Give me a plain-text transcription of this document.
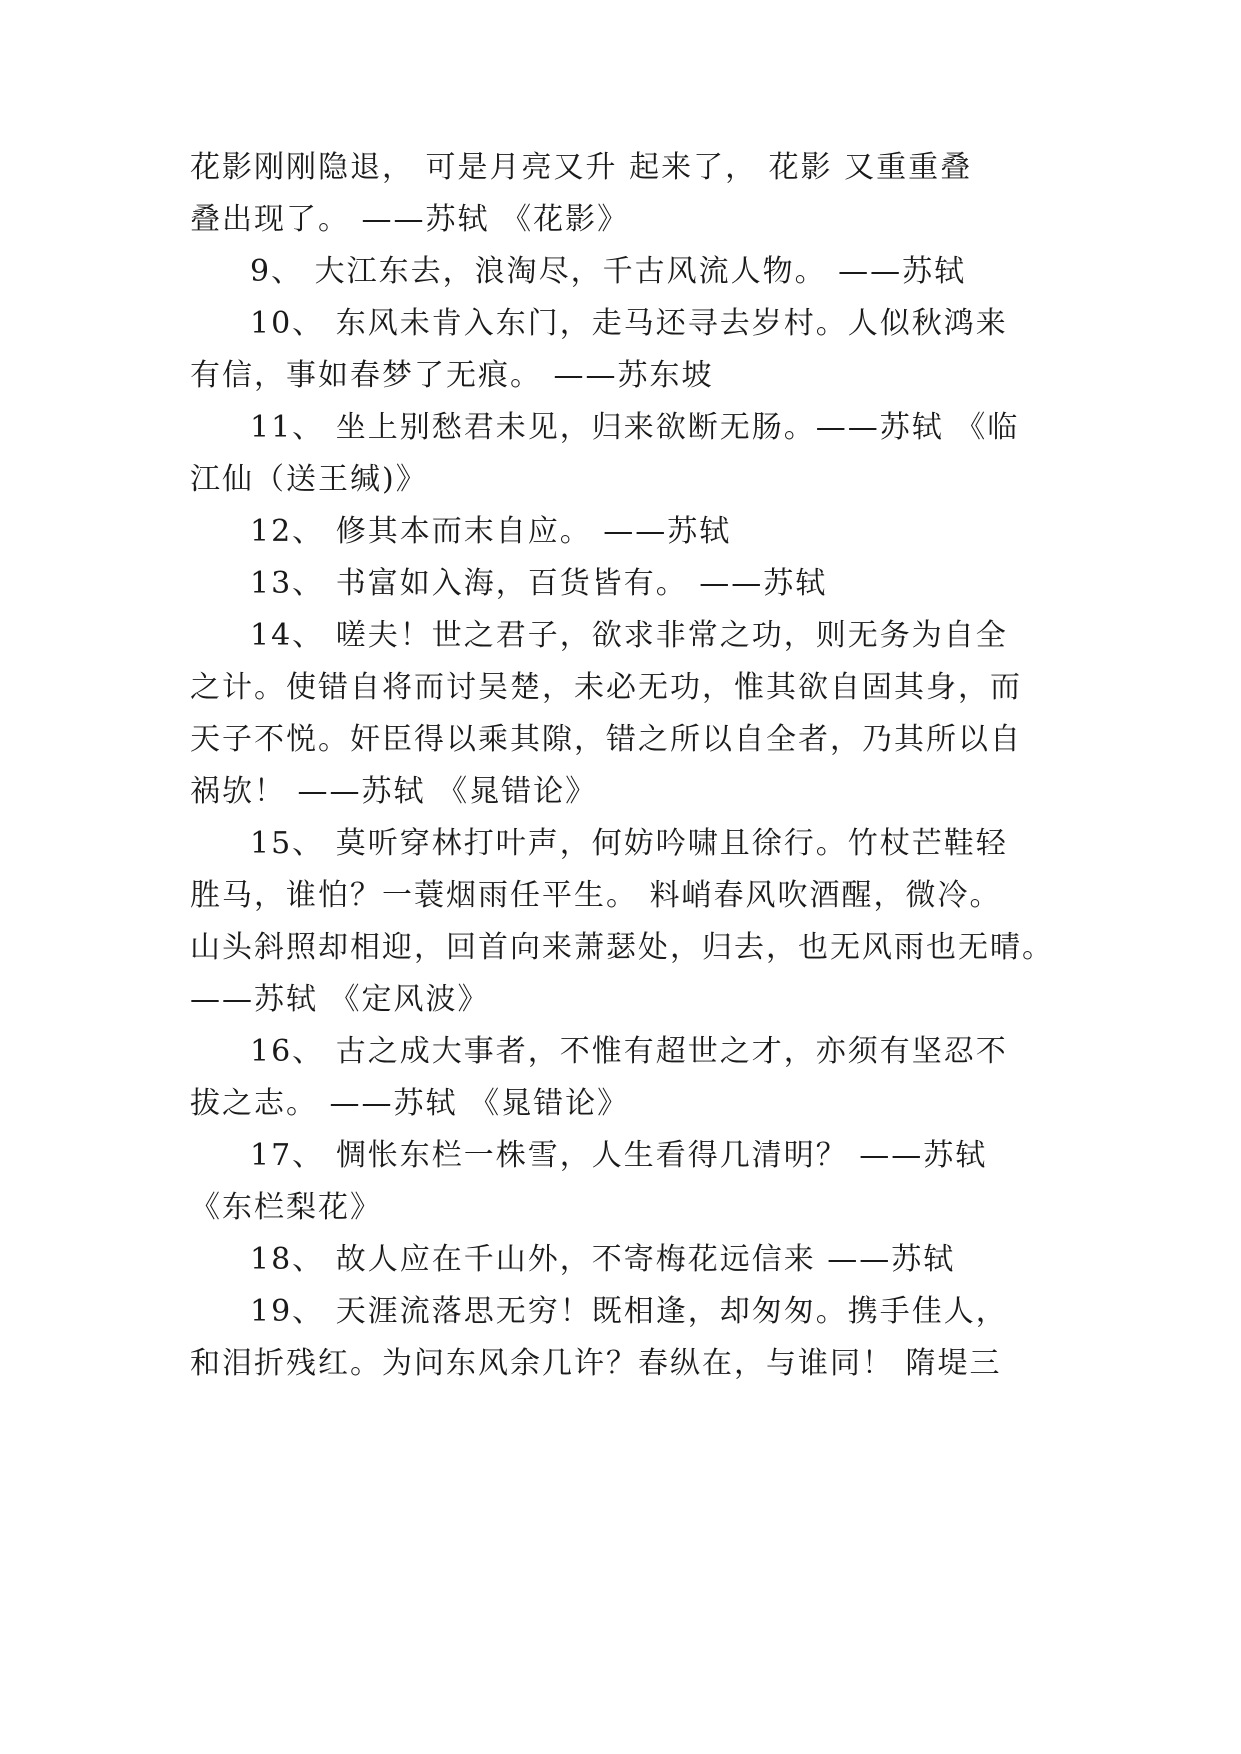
花影刚刚隐退， 可是月亮又升 起来了， 花影 又重重叠
叠出现了。 ——苏轼 《花影》
9、 大江东去，浪淘尽，千古风流人物。 ——苏轼
10、 东风未肯入东门，走马还寻去岁村。人似秋鸿来
有信，事如春梦了无痕。 ——苏东坡
11、 坐上别愁君未见，归来欲断无肠。——苏轼 《临
江仙（送王缄)》
12、 修其本而末自应。 ——苏轼
13、 书富如入海，百货皆有。 ——苏轼
14、 嗟夫！世之君子，欲求非常之功，则无务为自全
之计。使错自将而讨吴楚，未必无功，惟其欲自固其身，而
天子不悦。奸臣得以乘其隙，错之所以自全者，乃其所以自
祸欤！ ——苏轼 《晁错论》
15、 莫听穿林打叶声，何妨吟啸且徐行。竹杖芒鞋轻
胜马，谁怕？一蓑烟雨任平生。 料峭春风吹酒醒，微冷。
山头斜照却相迎，回首向来萧瑟处，归去，也无风雨也无晴。
——苏轼 《定风波》
16、 古之成大事者，不惟有超世之才，亦须有坚忍不
拔之志。 ——苏轼 《晁错论》
17、 惆怅东栏一株雪，人生看得几清明？ ——苏轼
《东栏梨花》
18、 故人应在千山外，不寄梅花远信来 ——苏轼
19、 天涯流落思无穷！既相逢，却匆匆。携手佳人，
和泪折残红。为问东风余几许？春纵在，与谁同！ 隋堤三
